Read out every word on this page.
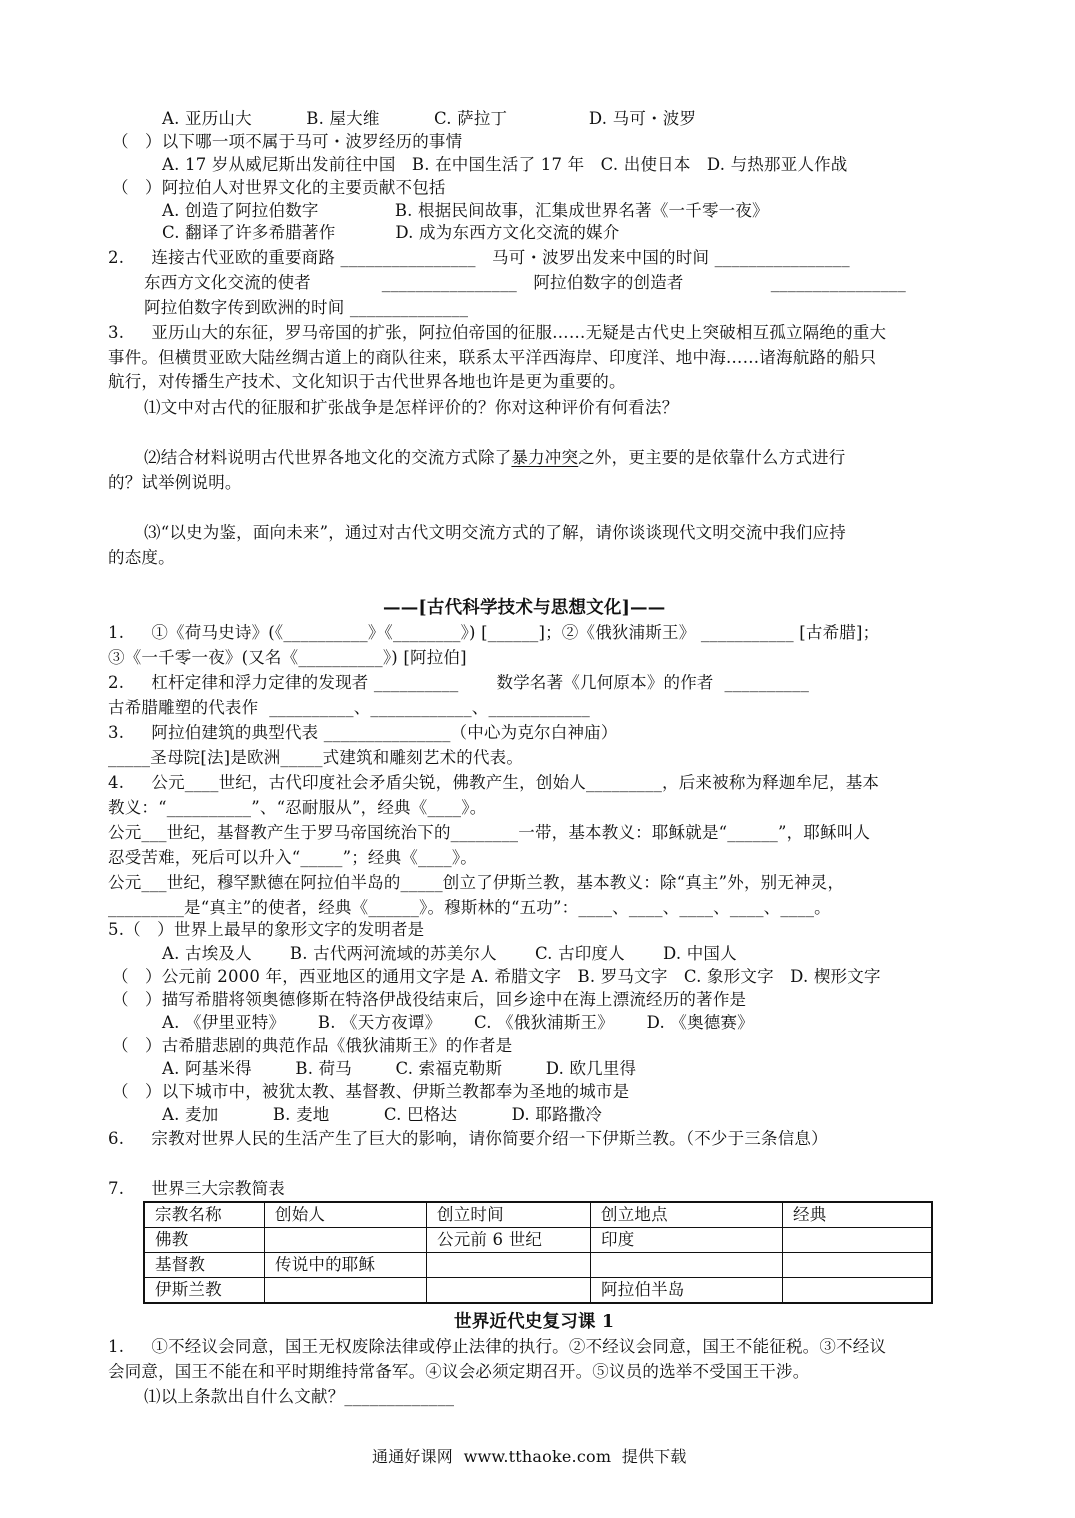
A. 亚历山大          B. 屋大维          C. 萨拉丁               D. 马可・波罗
（   ）以下哪一项不属于马可・波罗经历的事情
A. 17 岁从威尼斯出发前往中国   B. 在中国生活了 17 年   C. 出使日本   D. 与热那亚人作战
（   ）阿拉伯人对世界文化的主要贡献不包括
A. 创造了阿拉伯数字              B. 根据民间故事，汇集成世界名著《一千零一夜》
C. 翻译了许多希腊著作           D. 成为东西方文化交流的媒介
2.     连接古代亚欧的重要商路 ________________   马可・波罗出发来中国的时间 ________________
东西方文化交流的使者             ________________   阿拉伯数字的创造者                ________________
阿拉伯数字传到欧洲的时间 ______________
3.     亚历山大的东征，罗马帝国的扩张，阿拉伯帝国的征服……无疑是古代史上突破相互孤立隔绝的重大
事件。但横贯亚欧大陆丝绸古道上的商队往来，联系太平洋西海岸、印度洋、地中海……诸海航路的船只
航行，对传播生产技术、文化知识于古代世界各地也许是更为重要的。
⑴文中对古代的征服和扩张战争是怎样评价的？你对这种评价有何看法？
⑵结合材料说明古代世界各地文化的交流方式除了暴力冲突之外，更主要的是依靠什么方式进行
的？试举例说明。
⑶“以史为鉴，面向未来”，通过对古代文明交流方式的了解，请你谈谈现代文明交流中我们应持
的态度。
——[古代科学技术与思想文化]——
1.     ①《荷马史诗》(《__________》《________》) [______]；②《俄狄浦斯王》 ___________ [古希腊]；
③《一千零一夜》(又名《__________》) [阿拉伯]
2.     杠杆定律和浮力定律的发现者 __________       数学名著《几何原本》的作者  __________
古希腊雕塑的代表作  __________、____________、____________
3.     阿拉伯建筑的典型代表 _______________（中心为克尔白神庙）
_____圣母院[法]是欧洲_____式建筑和雕刻艺术的代表。
4.     公元____世纪，古代印度社会矛盾尖锐，佛教产生，创始人_________，后来被称为释迦牟尼，基本
教义：“__________”、“忍耐服从”，经典《____》。
公元___世纪，基督教产生于罗马帝国统治下的________一带，基本教义：耶稣就是“______”，耶稣叫人
忍受苦难，死后可以升入“_____”；经典《____》。
公元___世纪，穆罕默德在阿拉伯半岛的_____创立了伊斯兰教，基本教义：除“真主”外，别无神灵，
_________是“真主”的使者，经典《______》。穆斯林的“五功”：____、____、____、____、____。
5.（   ）世界上最早的象形文字的发明者是
A. 古埃及人       B. 古代两河流域的苏美尔人       C. 古印度人       D. 中国人
（   ）公元前 2000 年，西亚地区的通用文字是 A. 希腊文字   B. 罗马文字   C. 象形文字   D. 楔形文字
（   ）描写希腊将领奥德修斯在特洛伊战役结束后，回乡途中在海上漂流经历的著作是
A. 《伊里亚特》      B. 《天方夜谭》      C. 《俄狄浦斯王》      D. 《奥德赛》
（   ）古希腊悲剧的典范作品《俄狄浦斯王》的作者是
A. 阿基米得        B. 荷马        C. 索福克勒斯        D. 欧几里得
（   ）以下城市中，被犹太教、基督教、伊斯兰教都奉为圣地的城市是
A. 麦加          B. 麦地          C. 巴格达          D. 耶路撒冷
6.     宗教对世界人民的生活产生了巨大的影响，请你简要介绍一下伊斯兰教。（不少于三条信息）
7.     世界三大宗教简表
宗教名称	创始人	创立时间	创立地点	经典
佛教		公元前 6 世纪	印度	
基督教	传说中的耶稣			
伊斯兰教			阿拉伯半岛	
世界近代史复习课 1
1.     ①不经议会同意，国王无权废除法律或停止法律的执行。②不经议会同意，国王不能征税。③不经议
会同意，国王不能在和平时期维持常备军。④议会必须定期召开。⑤议员的选举不受国王干涉。
⑴以上条款出自什么文献？_____________
通通好课网  www.tthaoke.com  提供下载
